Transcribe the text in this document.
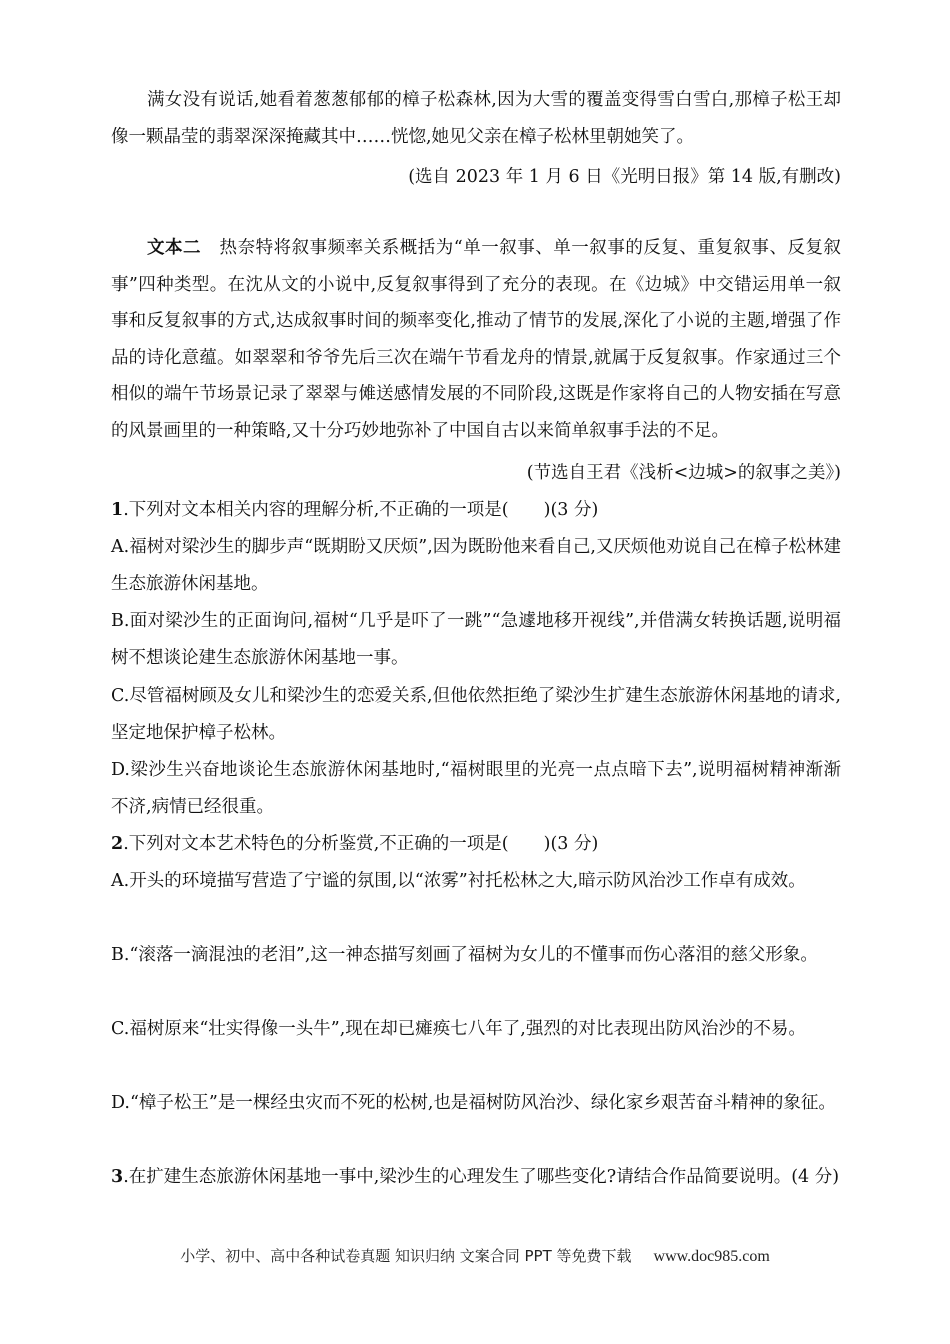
满女没有说话,她看着葱葱郁郁的樟子松森林,因为大雪的覆盖变得雪白雪白,那樟子松王却像一颗晶莹的翡翠深深掩藏其中……恍惚,她见父亲在樟子松林里朝她笑了。
(选自 2023 年 1 月 6 日《光明日报》第 14 版,有删改)
文本二 热奈特将叙事频率关系概括为“单一叙事、单一叙事的反复、重复叙事、反复叙事”四种类型。在沈从文的小说中,反复叙事得到了充分的表现。在《边城》中交错运用单一叙事和反复叙事的方式,达成叙事时间的频率变化,推动了情节的发展,深化了小说的主题,增强了作品的诗化意蕴。如翠翠和爷爷先后三次在端午节看龙舟的情景,就属于反复叙事。作家通过三个相似的端午节场景记录了翠翠与傩送感情发展的不同阶段,这既是作家将自己的人物安插在写意的风景画里的一种策略,又十分巧妙地弥补了中国自古以来简单叙事手法的不足。
(节选自王君《浅析<边城>的叙事之美》)
1.下列对文本相关内容的理解分析,不正确的一项是(　　)(3 分)
A.福树对梁沙生的脚步声“既期盼又厌烦”,因为既盼他来看自己,又厌烦他劝说自己在樟子松林建生态旅游休闲基地。
B.面对梁沙生的正面询问,福树“几乎是吓了一跳”“急遽地移开视线”,并借满女转换话题,说明福树不想谈论建生态旅游休闲基地一事。
C.尽管福树顾及女儿和梁沙生的恋爱关系,但他依然拒绝了梁沙生扩建生态旅游休闲基地的请求,坚定地保护樟子松林。
D.梁沙生兴奋地谈论生态旅游休闲基地时,“福树眼里的光亮一点点暗下去”,说明福树精神渐渐不济,病情已经很重。
2.下列对文本艺术特色的分析鉴赏,不正确的一项是(　　)(3 分)
A.开头的环境描写营造了宁谧的氛围,以“浓雾”衬托松林之大,暗示防风治沙工作卓有成效。
B.“滚落一滴混浊的老泪”,这一神态描写刻画了福树为女儿的不懂事而伤心落泪的慈父形象。
C.福树原来“壮实得像一头牛”,现在却已瘫痪七八年了,强烈的对比表现出防风治沙的不易。
D.“樟子松王”是一棵经虫灾而不死的松树,也是福树防风治沙、绿化家乡艰苦奋斗精神的象征。
3.在扩建生态旅游休闲基地一事中,梁沙生的心理发生了哪些变化?请结合作品简要说明。(4 分)
小学、初中、高中各种试卷真题 知识归纳 文案合同 PPT 等免费下载 www.doc985.com
